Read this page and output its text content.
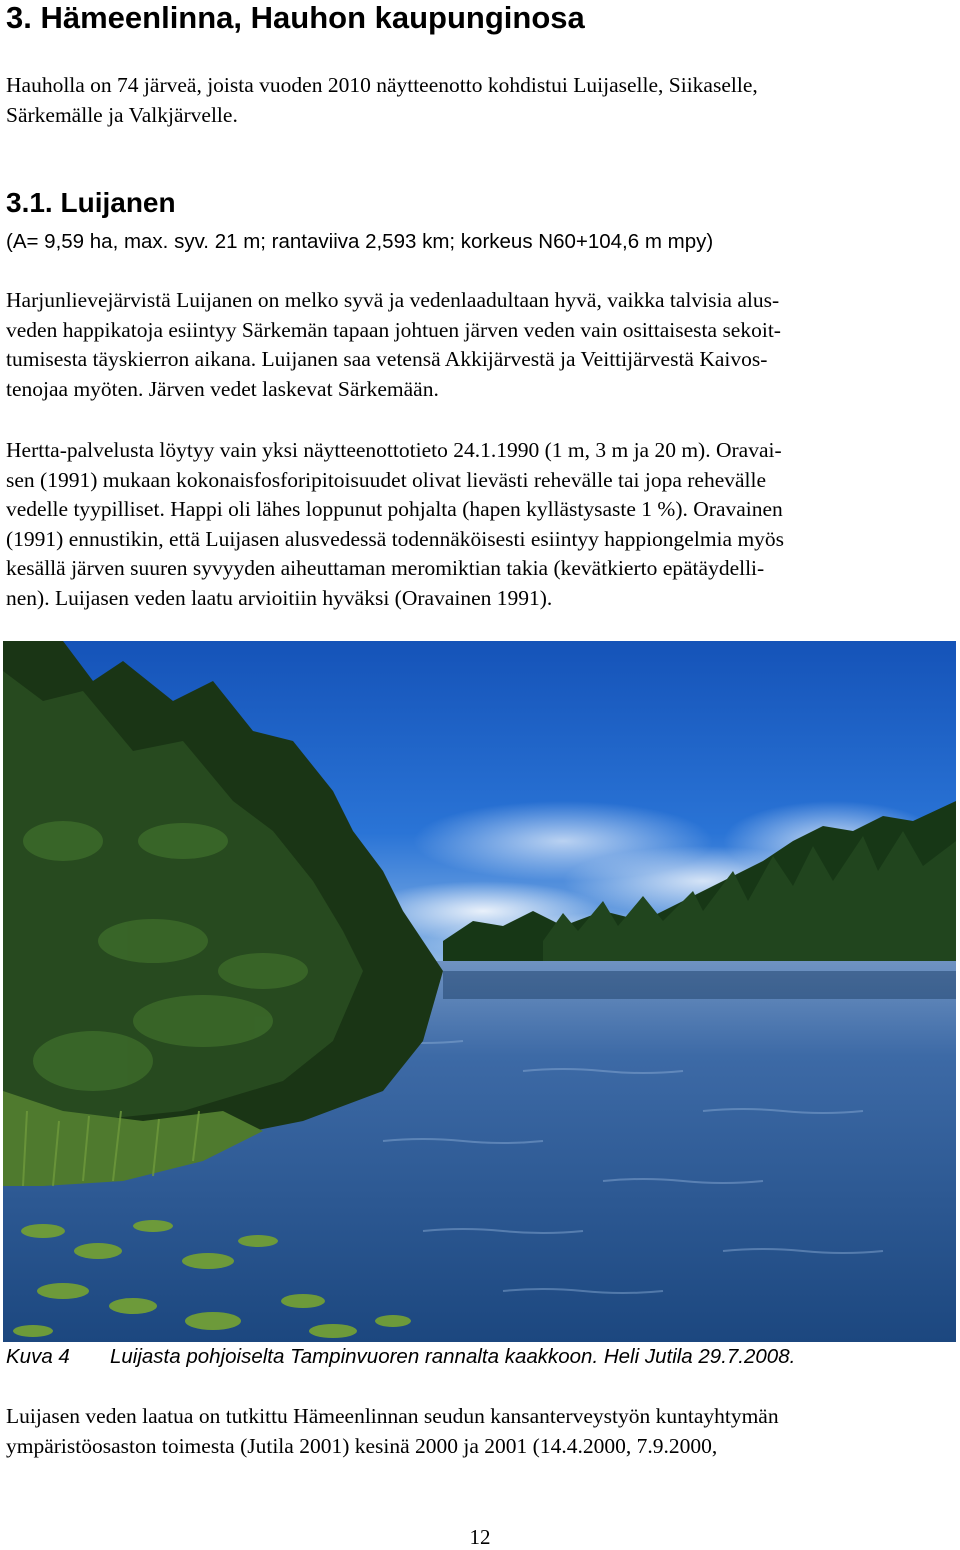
3. Hämeenlinna, Hauhon kaupunginosa

Hauholla on 74 järveä, joista vuoden 2010 näytteenotto kohdistui Luijaselle, Siikaselle,
Särkemälle ja Valkjärvelle.

3.1. Luijanen

(A= 9,59 ha, max. syv. 21 m; rantaviiva 2,593 km; korkeus N60+104,6 m mpy)

Harjunlievejärvistä Luijanen on melko syvä ja vedenlaadultaan hyvä, vaikka talvisia alus-
veden happikatoja esiintyy Särkemän tapaan johtuen järven veden vain osittaisesta sekoit-
tumisesta täyskierron aikana. Luijanen saa vetensä Akkijärvestä ja Veittijärvestä Kaivos-
tenojaa myöten. Järven vedet laskevat Särkemään.

Hertta-palvelusta löytyy vain yksi näytteenottotieto 24.1.1990 (1 m, 3 m ja 20 m). Oravai-
sen (1991) mukaan kokonaisfosforipitoisuudet olivat lievästi rehevälle tai jopa rehevälle
vedelle tyypilliset. Happi oli lähes loppunut pohjalta (hapen kyllästysaste 1 %). Oravainen
(1991) ennustikin, että Luijasen alusvedessä todennäköisesti esiintyy happiongelmia myös
kesällä järven suuren syvyyden aiheuttaman meromiktian takia (kevätkierto epätäydelli-
nen). Luijasen veden laatu arvioitiin hyväksi (Oravainen 1991).

Kuva 4 Luijasta pohjoiselta Tampinvuoren rannalta kaakkoon. Heli Jutila 29.7.2008.

Luijasen veden laatua on tutkittu Hämeenlinnan seudun kansanterveystyön kuntayhtymän
ympäristöosaston toimesta (Jutila 2001) kesinä 2000 ja 2001 (14.4.2000, 7.9.2000,

12
